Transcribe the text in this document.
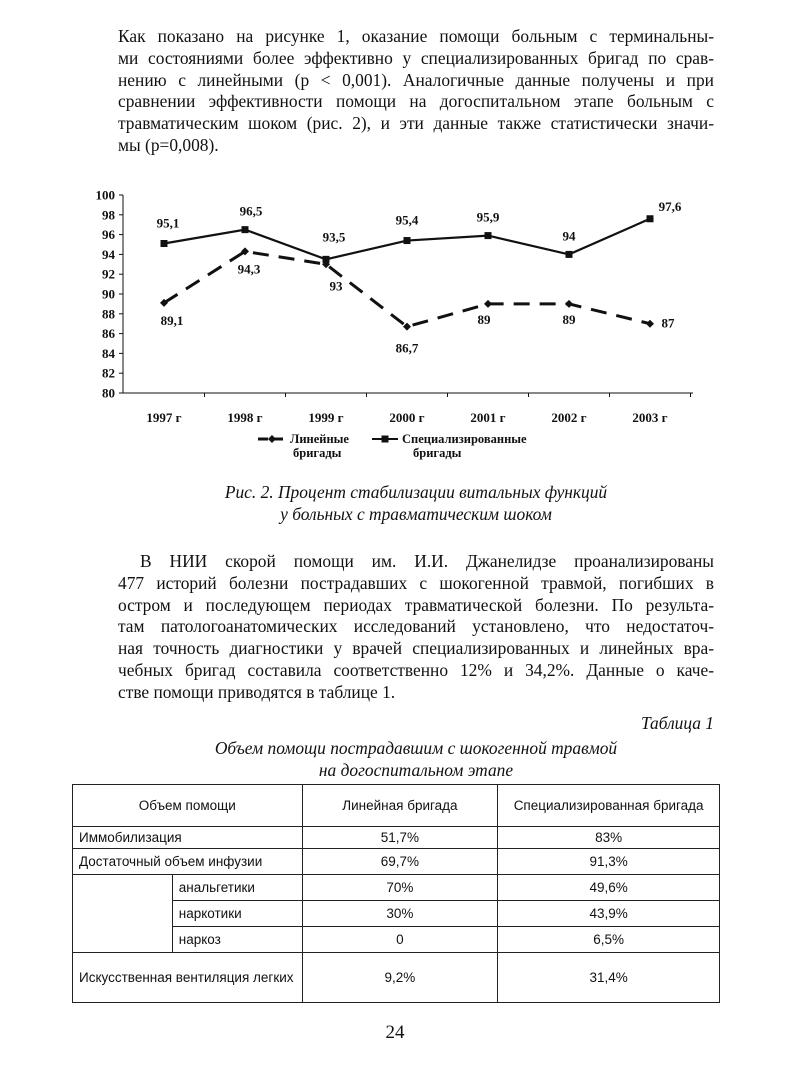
Как показано на рисунке 1, оказание помощи больным с терминальны-
ми состояниями более эффективно у специализированных бригад по срав-
нению с линейными (р < 0,001). Аналогичные данные получены и при
сравнении эффективности помощи на догоспитальном этапе больным с
травматическим шоком (рис. 2), и эти данные также статистически значи-
мы (p=0,008).
80
82
84
86
88
90
92
94
96
98
100
1997 г	1998 г	1999 г	2000 г	2001 г	2002 г	2003 г
89,1
94,3
93
86,7
89	89	87
95,1
96,5
93,5
95,4	95,9
94
97,6
Линейные
бригады
Специализированные
бригады
Рис. 2. Процент стабилизации витальных функций
у больных с травматическим шоком
В НИИ скорой помощи им. И.И. Джанелидзе проанализированы
477 историй болезни пострадавших с шокогенной травмой, погибших в
остром и последующем периодах травматической болезни. По результа-
там патологоанатомических исследований установлено, что недостаточ-
ная точность диагностики у врачей специализированных и линейных вра-
чебных бригад составила соответственно 12% и 34,2%. Данные о каче-
стве помощи приводятся в таблице 1.
Таблица 1
Объем помощи пострадавшим с шокогенной травмой
на догоспитальном этапе
Объем помощи		Линейная бригада	Специализированная бригада
Иммобилизация		51,7%	83%
Достаточный объем инфузии		69,7%	91,3%
	анальгетики	70%	49,6%
	наркотики	30%	43,9%
	наркоз	0	6,5%
Искусственная вентиляция легких		9,2%	31,4%
24
